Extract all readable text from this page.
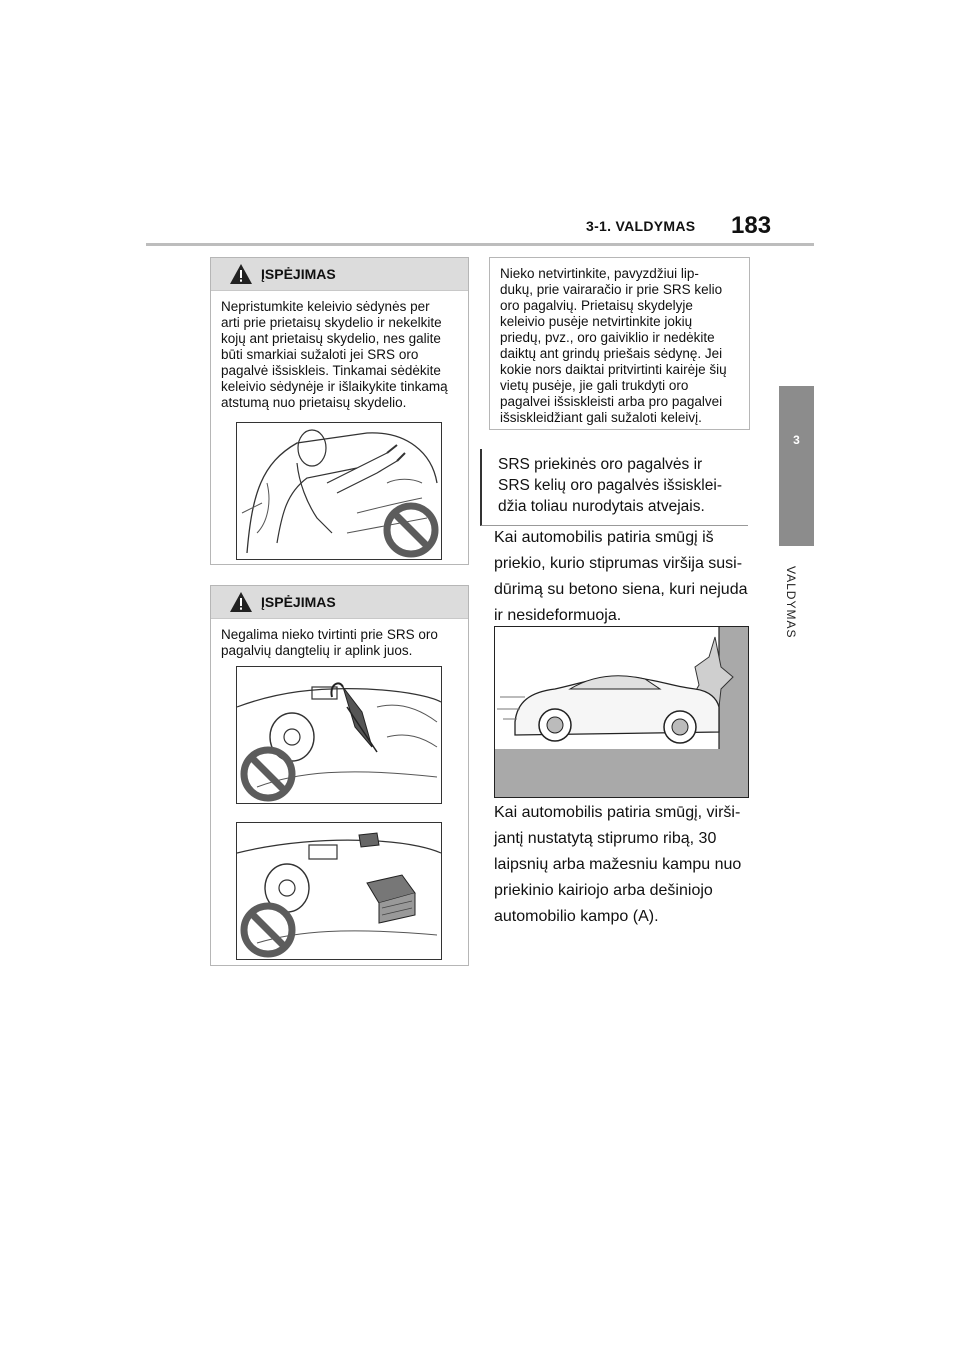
3-1. VALDYMAS 183
3
VALDYMAS
ĮSPĖJIMAS
Nepristumkite keleivio sėdynės per
arti prie prietaisų skydelio ir nekelkite
kojų ant prietaisų skydelio, nes galite
būti smarkiai sužaloti jei SRS oro
pagalvė išsiskleis. Tinkamai sėdėkite
keleivio sėdynėje ir išlaikykite tinkamą
atstumą nuo prietaisų skydelio.
ĮSPĖJIMAS
Negalima nieko tvirtinti prie SRS oro
pagalvių dangtelių ir aplink juos.
Nieko netvirtinkite, pavyzdžiui lip-
dukų, prie vairaračio ir prie SRS kelio
oro pagalvių. Prietaisų skydelyje
keleivio pusėje netvirtinkite jokių
priedų, pvz., oro gaiviklio ir nedėkite
daiktų ant grindų priešais sėdynę. Jei
kokie nors daiktai pritvirtinti kairėje šių
vietų pusėje, jie gali trukdyti oro
pagalvei išsiskleisti arba pro pagalvei
išsiskleidžiant gali sužaloti keleivį.
SRS priekinės oro pagalvės ir
SRS kelių oro pagalvės išsisklei-
džia toliau nurodytais atvejais.
Kai automobilis patiria smūgį iš
priekio, kurio stiprumas viršija susi-
dūrimą su betono siena, kuri nejuda
ir nesideformuoja.
Kai automobilis patiria smūgį, virši-
jantį nustatytą stiprumo ribą, 30
laipsnių arba mažesniu kampu nuo
priekinio kairiojo arba dešiniojo
automobilio kampo (A).
